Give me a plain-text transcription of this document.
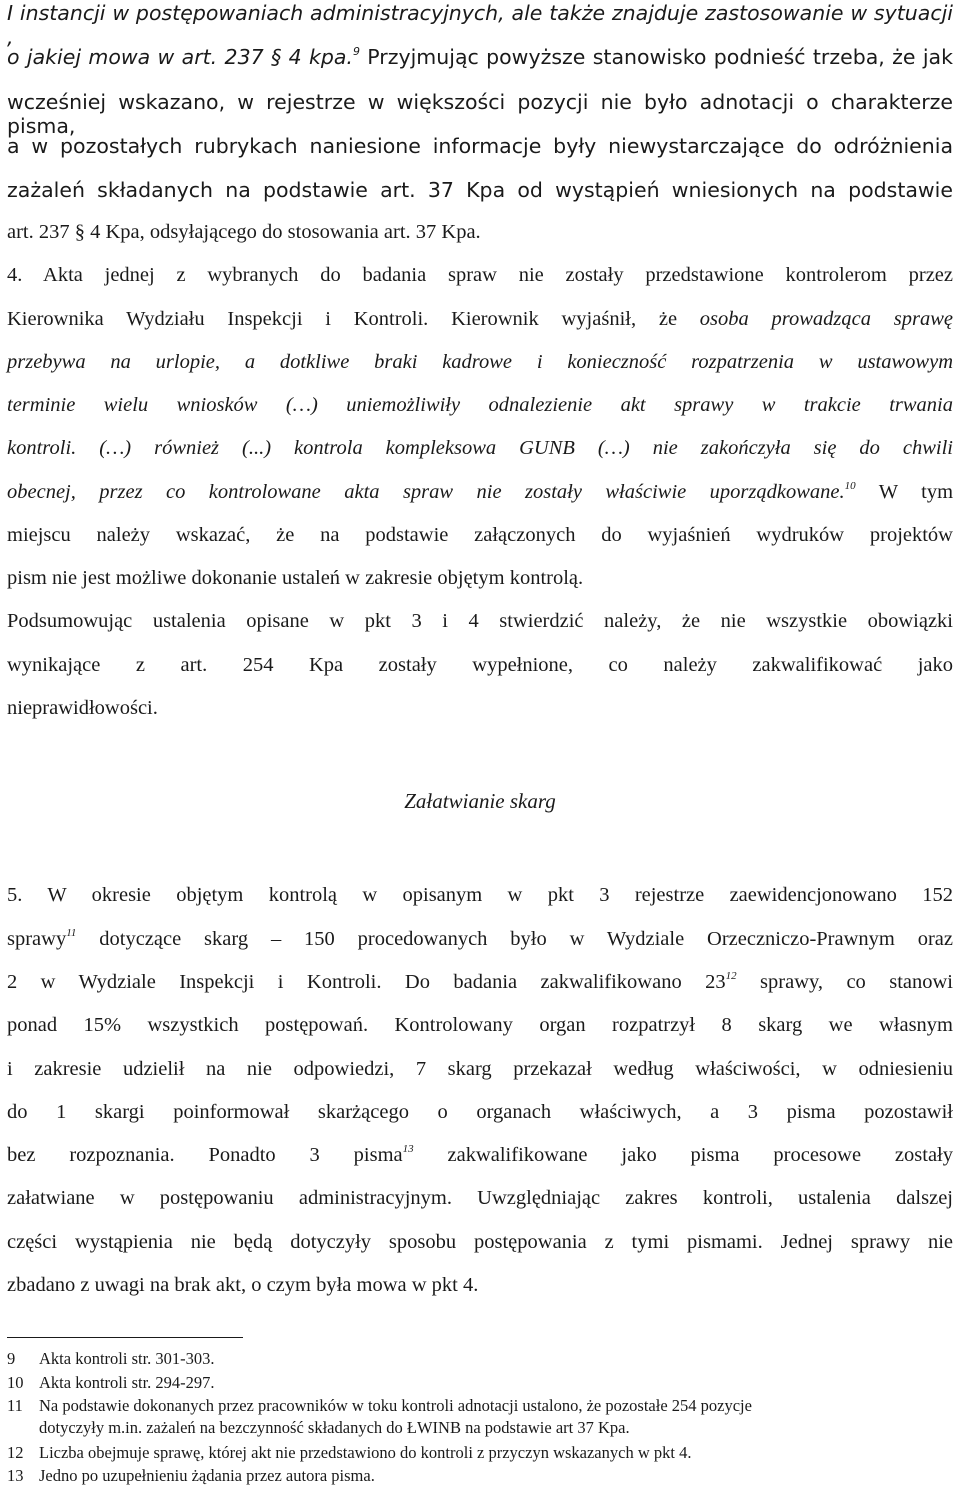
I instancji w postępowaniach administracyjnych, ale także znajduje zastosowanie w sytuacji ,
o jakiej mowa w art. 237 § 4 kpa.$^9$ Przyjmując powyższe stanowisko podnieść trzeba, że jak
wcześniej wskazano, w rejestrze w większości pozycji nie było adnotacji o charakterze pisma,
a w pozostałych rubrykach naniesione informacje były niewystarczające do odróżnienia
zażaleń składanych na podstawie art. 37 Kpa od wystąpień wniesionych na podstawie
art. 237 § 4 Kpa, odsyłającego do stosowania art. 37 Kpa.
4. Akta jednej z wybranych do badania spraw nie zostały przedstawione kontrolerom przez
Kierownika Wydziału Inspekcji i Kontroli. Kierownik wyjaśnił, że osoba prowadząca sprawę
przebywa na urlopie, a dotkliwe braki kadrowe i konieczność rozpatrzenia w ustawowym
terminie wielu wniosków (…) uniemożliwiły odnalezienie akt sprawy w trakcie trwania
kontroli. (…) również (...) kontrola kompleksowa GUNB (…) nie zakończyła się do chwili
obecnej, przez co kontrolowane akta spraw nie zostały właściwie uporządkowane.$^{10}$ W tym
miejscu należy wskazać, że na podstawie załączonych do wyjaśnień wydruków projektów
pism nie jest możliwe dokonanie ustaleń w zakresie objętym kontrolą.
Podsumowując ustalenia opisane w pkt 3 i 4 stwierdzić należy, że nie wszystkie obowiązki
wynikające z art. 254 Kpa zostały wypełnione, co należy zakwalifikować jako
nieprawidłowości.
Załatwianie skarg
5. W okresie objętym kontrolą w opisanym w pkt 3 rejestrze zaewidencjonowano 152
sprawy$^{11}$ dotyczące skarg – 150 procedowanych było w Wydziale Orzeczniczo-Prawnym oraz
2 w Wydziale Inspekcji i Kontroli. Do badania zakwalifikowano $23^{12}$ sprawy, co stanowi
ponad 15% wszystkich postępowań. Kontrolowany organ rozpatrzył 8 skarg we własnym
i zakresie udzielił na nie odpowiedzi, 7 skarg przekazał według właściwości, w odniesieniu
do 1 skargi poinformował skarżącego o organach właściwych, a 3 pisma pozostawił
bez rozpoznania. Ponadto 3 pisma$^{13}$ zakwalifikowane jako pisma procesowe zostały
załatwiane w postępowaniu administracyjnym. Uwzględniając zakres kontroli, ustalenia dalszej
części wystąpienia nie będą dotyczyły sposobu postępowania z tymi pismami. Jednej sprawy nie
zbadano z uwagi na brak akt, o czym była mowa w pkt 4.
9 Akta kontroli str. 301-303.
10 Akta kontroli str. 294-297.
11 Na podstawie dokonanych przez pracowników w toku kontroli adnotacji ustalono, że pozostałe 254 pozycje
dotyczyły m.in. zażaleń na bezczynność składanych do ŁWINB na podstawie art 37 Kpa.
12 Liczba obejmuje sprawę, której akt nie przedstawiono do kontroli z przyczyn wskazanych w pkt 4.
13 Jedno po uzupełnieniu żądania przez autora pisma.
